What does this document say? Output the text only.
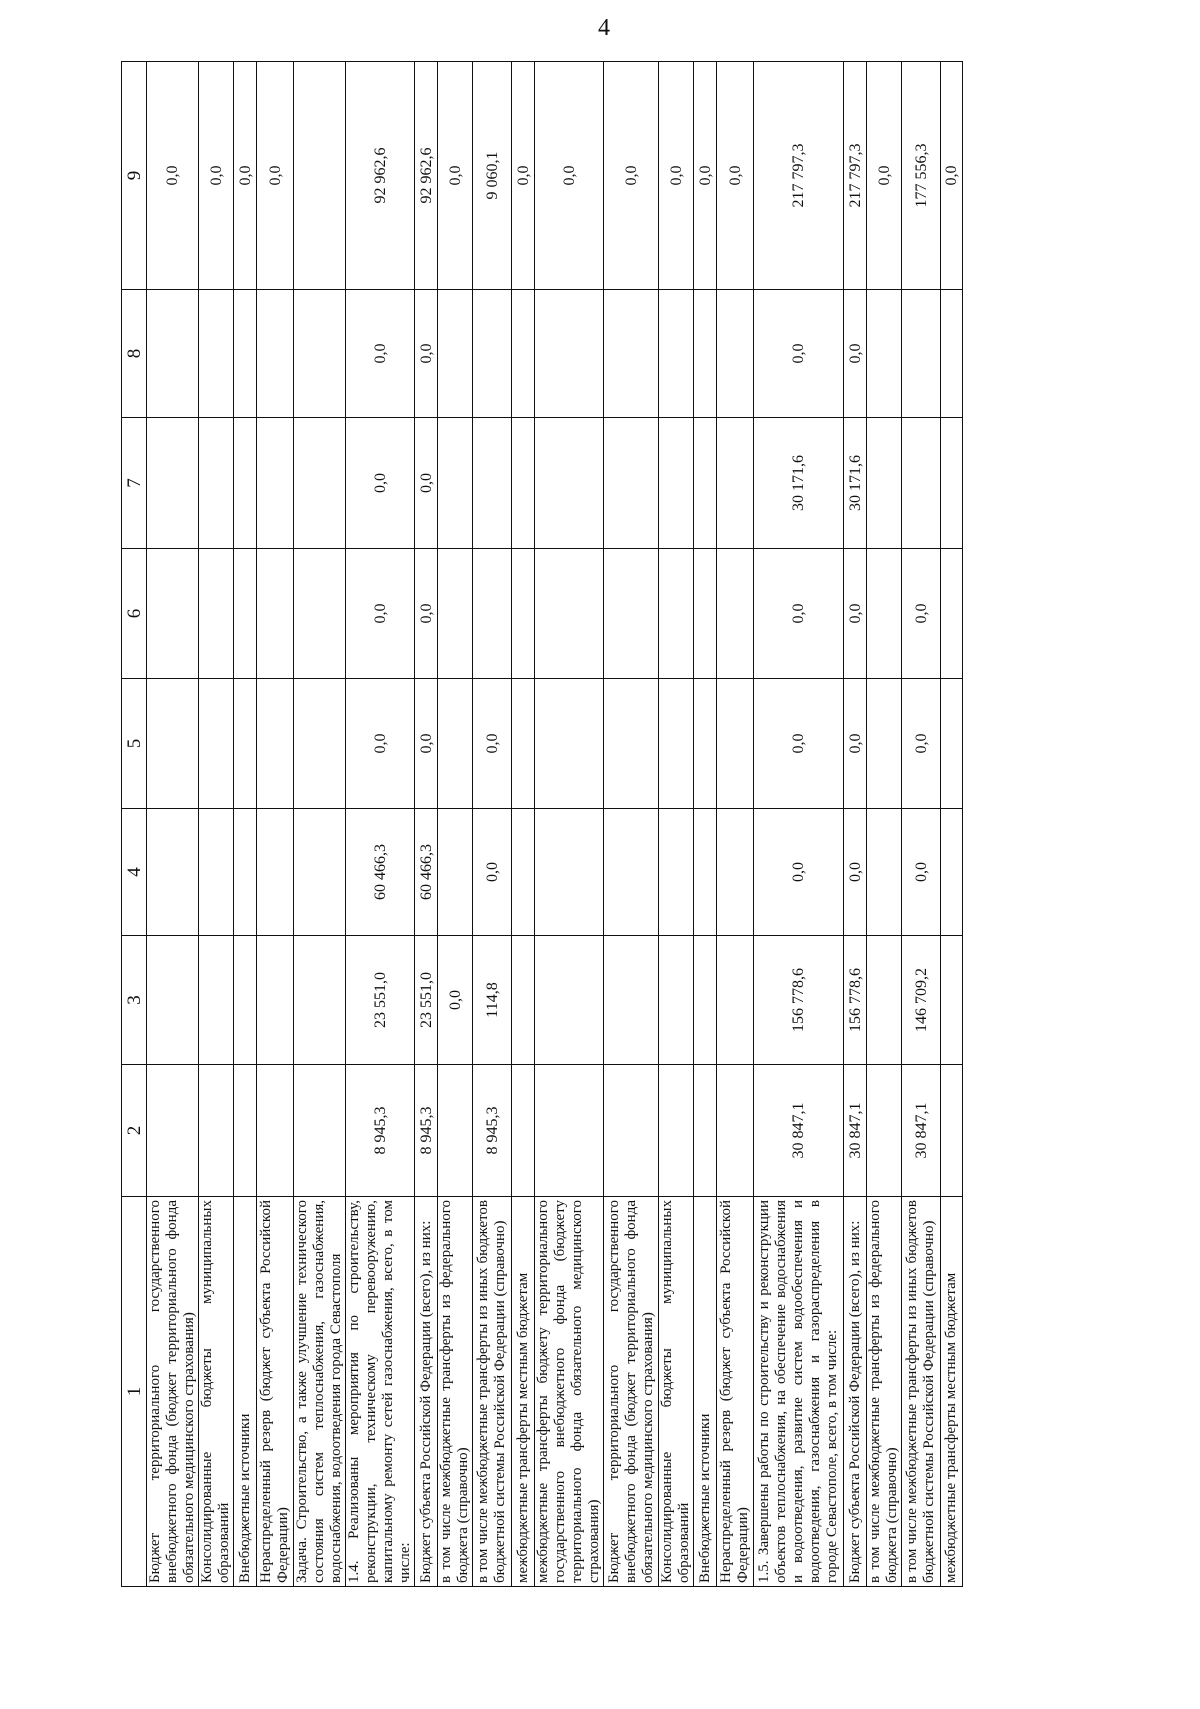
4
1	2	3	4	5	6	7	8	9
Бюджет территориального государственного внебюджетного фонда (бюджет территориального фонда обязательного медицинского страхования)								0,0
Консолидированные бюджеты муниципальных образований								0,0
Внебюджетные источники								0,0
Нераспределенный резерв (бюджет субъекта Российской Федерации)								0,0
Задача. Строительство, а также улучшение технического состояния систем теплоснабжения, газоснабжения, водоснабжения, водоотведения города Севастополя								
1.4. Реализованы мероприятия по строительству, реконструкции, техническому перевооружению, капитальному ремонту сетей газоснабжения, всего, в том числе:	8 945,3	23 551,0	60 466,3	0,0	0,0	0,0	0,0	92 962,6
Бюджет субъекта Российской Федерации (всего), из них:	8 945,3	23 551,0	60 466,3	0,0	0,0	0,0	0,0	92 962,6
в том числе межбюджетные трансферты из федерального бюджета (справочно)		0,0						0,0
в том числе межбюджетные трансферты из иных бюджетов бюджетной системы Российской Федерации (справочно)	8 945,3	114,8	0,0	0,0				9 060,1
межбюджетные трансферты местным бюджетам								0,0
межбюджетные трансферты бюджету территориального государственного внебюджетного фонда (бюджету территориального фонда обязательного медицинского страхования)								0,0
Бюджет территориального государственного внебюджетного фонда (бюджет территориального фонда обязательного медицинского страхования)								0,0
Консолидированные бюджеты муниципальных образований								0,0
Внебюджетные источники								0,0
Нераспределенный резерв (бюджет субъекта Российской Федерации)								0,0
1.5. Завершены работы по строительству и реконструкции объектов теплоснабжения, на обеспечение водоснабжения и водоотведения, развитие систем водообеспечения и водоотведения, газоснабжения и газораспределения в городе Севастополе, всего, в том числе:	30 847,1	156 778,6	0,0	0,0	0,0	30 171,6	0,0	217 797,3
Бюджет субъекта Российской Федерации (всего), из них:	30 847,1	156 778,6	0,0	0,0	0,0	30 171,6	0,0	217 797,3
в том числе межбюджетные трансферты из федерального бюджета (справочно)								0,0
в том числе межбюджетные трансферты из иных бюджетов бюджетной системы Российской Федерации (справочно)	30 847,1	146 709,2	0,0	0,0	0,0			177 556,3
межбюджетные трансферты местным бюджетам								0,0
